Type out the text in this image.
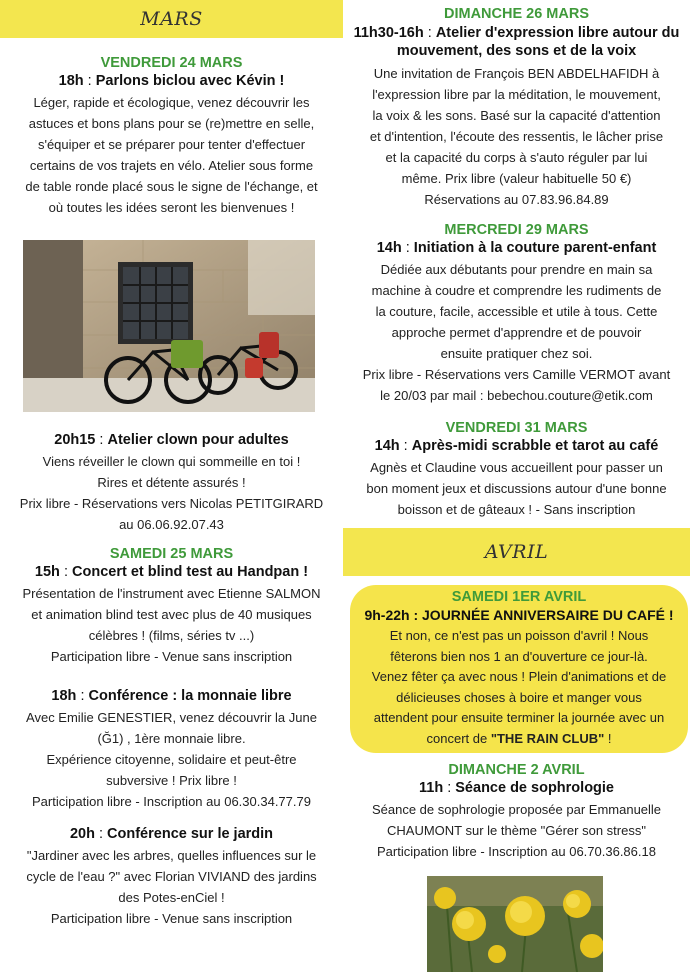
MARS

VENDREDI 24 MARS

18h : Parlons biclou avec Kévin !

Léger, rapide et écologique, venez découvrir les
astuces et bons plans pour se (re)mettre en selle,
s'équiper et se préparer pour tenter d'effectuer
certains de vos trajets en vélo. Atelier sous forme
de table ronde placé sous le signe de l'échange, et
où toutes les idées seront les bienvenues !

20h15 : Atelier clown pour adultes

Viens réveiller le clown qui sommeille en toi !
Rires et détente assurés !
Prix libre - Réservations vers Nicolas PETITGIRARD
au 06.06.92.07.43

SAMEDI 25 MARS

15h : Concert et blind test au Handpan !

Présentation de l'instrument avec Etienne SALMON
et animation blind test avec plus de 40 musiques
célèbres ! (films, séries tv ...)
Participation libre - Venue sans inscription

18h : Conférence : la monnaie libre

Avec Emilie GENESTIER, venez découvrir la June
(Ğ1) , 1ère monnaie libre.
Expérience citoyenne, solidaire et peut-être
subversive ! Prix libre !
Participation libre - Inscription au 06.30.34.77.79

20h : Conférence sur le jardin

"Jardiner avec les arbres, quelles influences sur le
cycle de l'eau ?" avec Florian VIVIAND des jardins
des Potes-enCiel !
Participation libre - Venue sans inscription

DIMANCHE 26 MARS

11h30-16h : Atelier d'expression libre autour du
mouvement, des sons et de la voix

Une invitation de François BEN ABDELHAFIDH à
l'expression libre par la méditation, le mouvement,
la voix & les sons. Basé sur la capacité d'attention
et d'intention, l'écoute des ressentis, le lâcher prise
et la capacité du corps à s'auto réguler par lui
même. Prix libre (valeur habituelle 50 €)
Réservations au 07.83.96.84.89

MERCREDI 29 MARS

14h : Initiation à la couture parent-enfant

Dédiée aux débutants pour prendre en main sa
machine à coudre et comprendre les rudiments de
la couture, facile, accessible et utile à tous. Cette
approche permet d'apprendre et de pouvoir
ensuite pratiquer chez soi.
Prix libre - Réservations vers Camille VERMOT avant
le 20/03 par mail : bebechou.couture@etik.com

VENDREDI 31 MARS

14h : Après-midi scrabble et tarot au café

Agnès et Claudine vous accueillent pour passer un
bon moment jeux et discussions autour d'une bonne
boisson et de gâteaux ! - Sans inscription

AVRIL

SAMEDI 1ER AVRIL

9h-22h : JOURNÉE ANNIVERSAIRE DU CAFÉ !

Et non, ce n'est pas un poisson d'avril ! Nous
fêterons bien nos 1 an d'ouverture ce jour-là.
Venez fêter ça avec nous ! Plein d'animations et de
délicieuses choses à boire et manger vous
attendent pour ensuite terminer la journée avec un
concert de "THE RAIN CLUB" !

DIMANCHE 2 AVRIL

11h : Séance de sophrologie

Séance de sophrologie proposée par Emmanuelle
CHAUMONT sur le thème "Gérer son stress"
Participation libre - Inscription au 06.70.36.86.18
